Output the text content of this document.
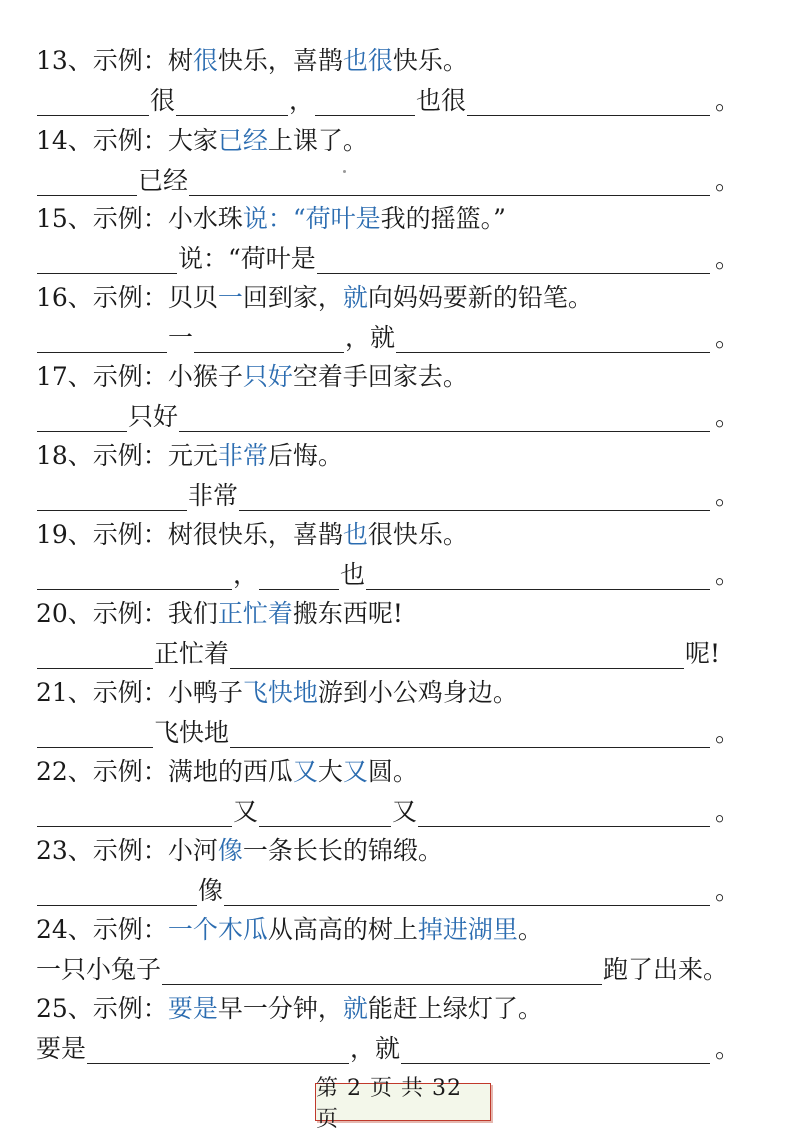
13、示例： 树 很 快乐，喜鹊 也很 快乐。
很	，	也很	。
14、示例： 大家 已经 上课了。
已经	。
15、示例： 小水珠 说：“荷叶是 我的摇篮。”
说：“荷叶是	。
16、示例： 贝贝 一 回到家， 就 向妈妈要新的铅笔。
一	，就	。
17、示例： 小猴子 只好 空着手回家去。
只好	。
18、示例： 元元 非常 后悔。
非常	。
19、示例： 树很快乐，喜鹊 也 很快乐。
，	也	。
20、示例： 我们 正忙着 搬东西呢!
正忙着	呢!
21、示例： 小鸭子 飞快地 游到小公鸡身边。
飞快地	。
22、示例： 满地的西瓜 又 大 又 圆。
又	又	。
23、示例： 小河 像 一条长长的锦缎。
像	。
24、示例： 一个木瓜 从高高的树上 掉进湖里 。
一只小兔子	跑了出来。
25、示例： 要是 早一分钟， 就 能赶上绿灯了。
要是	，就	。
第 2 页 共 32 页
